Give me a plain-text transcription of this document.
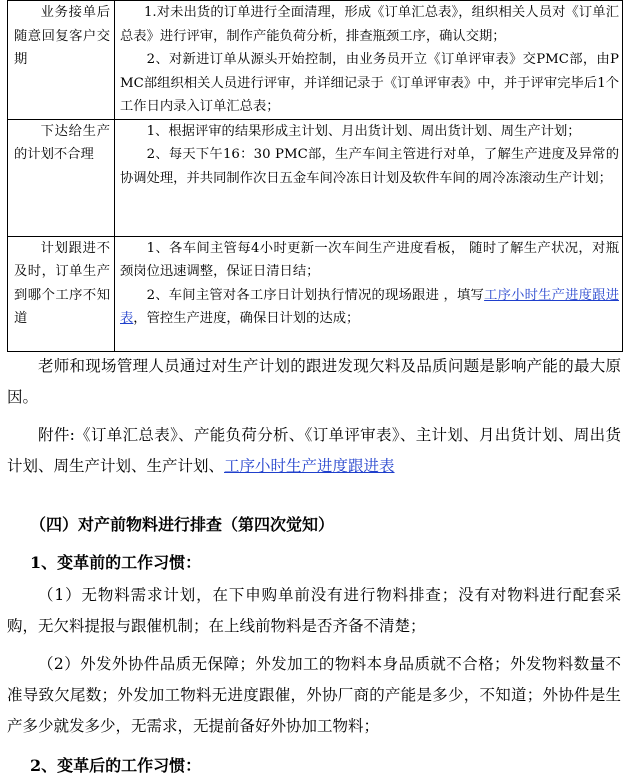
业务接单后随意回复客户交期	1.对未出货的订单进行全面清理，形成《订单汇总表》，组织相关人员对《订单汇总表》进行评审，制作产能负荷分析，排查瓶颈工序，确认交期；

2、对新进订单从源头开始控制，由业务员开立《订单评审表》交PMC部，由PMC部组织相关人员进行评审，并详细记录于《订单评审表》中，并于评审完毕后1个工作日内录入订单汇总表；

下达给生产的计划不合理	1、根据评审的结果形成主计划、月出货计划、周出货计划、周生产计划；

2、每天下午16：30 PMC部，生产车间主管进行对单，了解生产进度及异常的协调处理，并共同制作次日五金车间冷冻日计划及软件车间的周冷冻滚动生产计划；

计划跟进不及时，订单生产到哪个工序不知道	1、各车间主管每4小时更新一次车间生产进度看板， 随时了解生产状况，对瓶颈岗位迅速调整，保证日清日结；

2、车间主管对各工序日计划执行情况的现场跟进 ，填写工序小时生产进度跟进表，管控生产进度，确保日计划的达成；

老师和现场管理人员通过对生产计划的跟进发现欠料及品质问题是影响产能的最大原因。

附件:《订单汇总表》、产能负荷分析、《订单评审表》、主计划、月出货计划、周出货计划、周生产计划、生产计划、工序小时生产进度跟进表

（四）对产前物料进行排查（第四次觉知）

1、变革前的工作习惯：

（1）无物料需求计划，在下申购单前没有进行物料排查；没有对物料进行配套采购，无欠料提报与跟催机制；在上线前物料是否齐备不清楚；

（2）外发外协件品质无保障；外发加工的物料本身品质就不合格；外发物料数量不准导致欠尾数；外发加工物料无进度跟催，外协厂商的产能是多少，不知道；外协件是生产多少就发多少，无需求，无提前备好外协加工物料；

2、变革后的工作习惯：
